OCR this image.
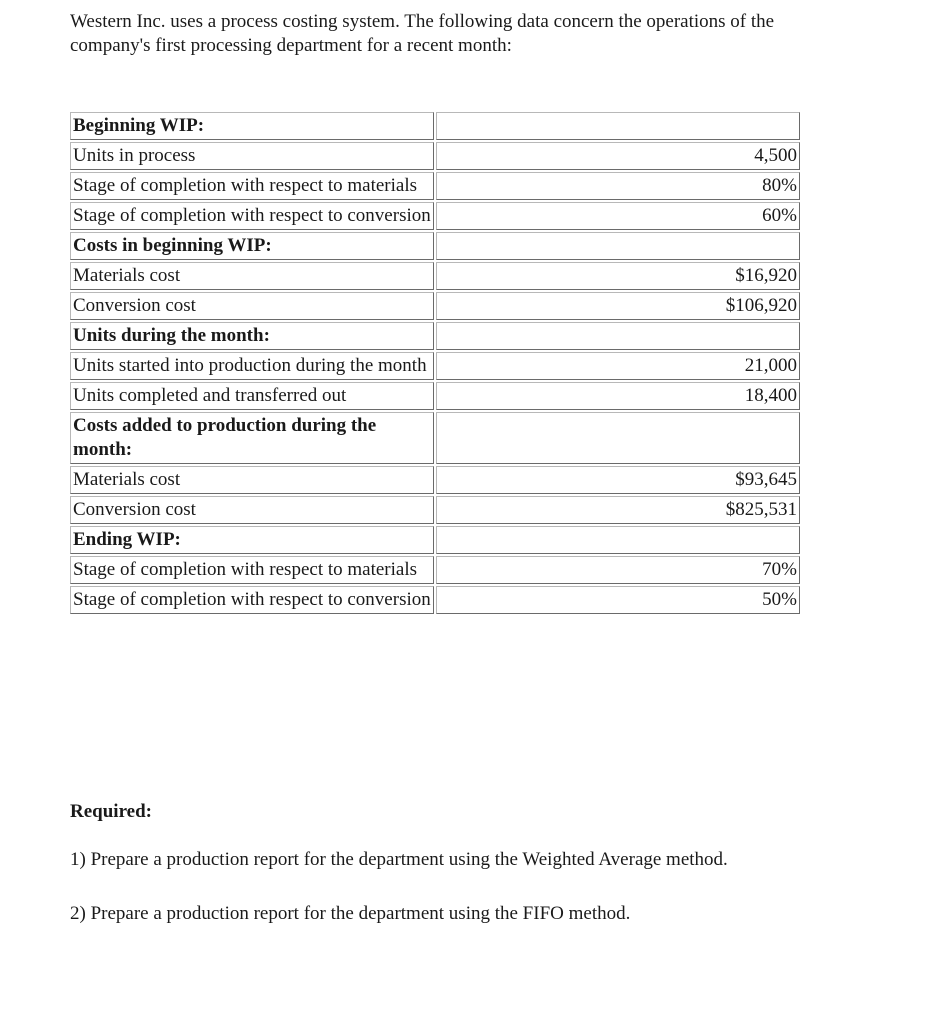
Western Inc. uses a process costing system. The following data concern the operations of the
company's first processing department for a recent month:

Beginning WIP:	
Units in process	4,500
Stage of completion with respect to materials	80%
Stage of completion with respect to conversion	60%
Costs in beginning WIP:	
Materials cost	$16,920
Conversion cost	$106,920
Units during the month:	
Units started into production during the month	21,000
Units completed and transferred out	18,400
Costs added to production during the month:	
Materials cost	$93,645
Conversion cost	$825,531
Ending WIP:	
Stage of completion with respect to materials	70%
Stage of completion with respect to conversion	50%

Required:

1) Prepare a production report for the department using the Weighted Average method.

2) Prepare a production report for the department using the FIFO method.
